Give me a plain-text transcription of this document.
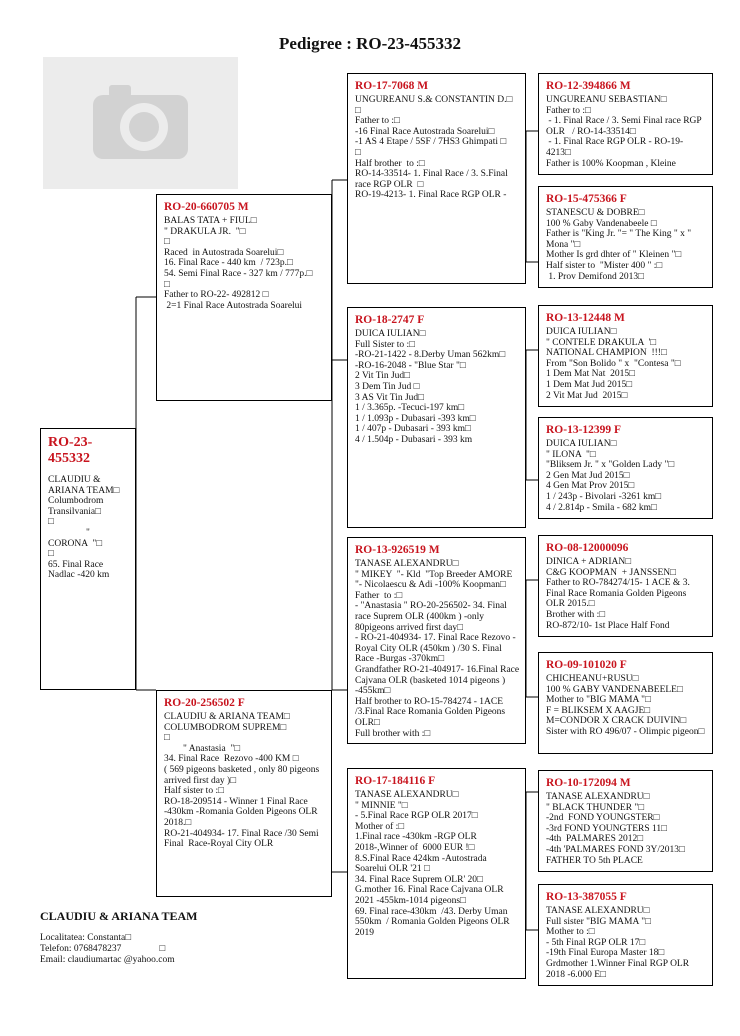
Pedigree : RO-23-455332
RO-23-455332
CLAUDIU & ARIANA TEAM□
Columbodrom Transilvania□
□
" CORONA  "□
□
65. Final Race Nadlac -420 km
RO-20-660705 M
BALAS TATA + FIUL□
" DRAKULA JR.  "□
□
Raced  in Autostrada Soarelui□
16. Final Race - 440 km  / 723p.□
54. Semi Final Race - 327 km / 777p.□
□
Father to RO-22- 492812 □
2=1 Final Race Autostrada Soarelui
RO-20-256502 F
CLAUDIU & ARIANA TEAM□
COLUMBODROM SUPREM□
□
" Anastasia  "□
34. Final Race  Rezovo -400 KM □
( 569 pigeons basketed , only 80 pigeons arrived first day )□
Half sister to :□
RO-18-209514 - Winner 1 Final Race -430km -Romania Golden Pigeons OLR 2018.□
RO-21-404934- 17. Final Race /30 Semi Final  Race-Royal City OLR
RO-17-7068 M
UNGUREANU S.& CONSTANTIN D.□
□
Father to :□
-16 Final Race Autostrada Soarelui□
-1 AS 4 Etape / 5SF / 7HS3 Ghimpati □
□
Half brother  to :□
RO-14-33514- 1. Final Race / 3. S.Final race RGP OLR  □
RO-19-4213- 1. Final Race RGP OLR -
RO-18-2747 F
DUICA IULIAN□
Full Sister to :□
-RO-21-1422 - 8.Derby Uman 562km□
-RO-16-2048 - "Blue Star "□
2 Vit Tin Jud□
3 Dem Tin Jud □
3 AS Vit Tin Jud□
1 / 3.365p. -Tecuci-197 km□
1 / 1.093p - Dubasari -393 km□
1 / 407p - Dubasari - 393 km□
4 / 1.504p - Dubasari - 393 km
RO-13-926519 M
TANASE ALEXANDRU□
" MIKEY  "- Kld  "Top Breeder AMORE "- Nicolaescu & Adi -100% Koopman□
Father  to :□
- "Anastasia " RO-20-256502- 34. Final race Suprem OLR (400km ) -only 80pigeons arrived first day□
- RO-21-404934- 17. Final Race Rezovo - Royal City OLR (450km ) /30 S. Final Race -Burgas -370km□
Grandfather RO-21-404917- 16.Final Race  Cajvana OLR (basketed 1014 pigeons ) -455km□
Half brother to RO-15-784274 - 1ACE /3.Final Race Romania Golden Pigeons OLR□
Full brother with :□
RO-17-184116 F
TANASE ALEXANDRU□
" MINNIE "□
- 5.Final Race RGP OLR 2017□
Mother of :□
1.Final race -430km -RGP OLR 2018-,Winner of  6000 EUR !□
8.S.Final Race 424km -Autostrada Soarelui OLR '21 □
34. Final Race Suprem OLR' 20□
G.mother 16. Final Race Cajvana OLR 2021 -455km-1014 pigeons□
69. Final race-430km  /43. Derby Uman 550km  / Romania Golden Pigeons OLR 2019
RO-12-394866 M
UNGUREANU SEBASTIAN□
Father to :□
- 1. Final Race / 3. Semi Final race RGP OLR   / RO-14-33514□
- 1. Final Race RGP OLR - RO-19-4213□
Father is 100% Koopman , Kleine
RO-15-475366 F
STANESCU & DOBRE□
100 % Gaby Vandenabeele □
Father is "King Jr. "= " The King " x " Mona "□
Mother Is grd dhter of " Kleinen "□
Half sister to  "Mister 400 " :□
1. Prov Demifond 2013□
RO-13-12448 M
DUICA IULIAN□
" CONTELE DRAKULA  '□
NATIONAL CHAMPION  !!!□
From "Son Bolido " x  "Contesa "□
1 Dem Mat Nat  2015□
1 Dem Mat Jud 2015□
2 Vit Mat Jud  2015□
RO-13-12399 F
DUICA IULIAN□
" ILONA  "□
"Bliksem Jr. " x "Golden Lady "□
2 Gen Mat Jud 2015□
4 Gen Mat Prov 2015□
1 / 243p - Bivolari -3261 km□
4 / 2.814p - Smila - 682 km□
RO-08-12000096
DINICA + ADRIAN□
C&G KOOPMAN  + JANSSEN□
Father to RO-784274/15- 1 ACE & 3. Final Race Romania Golden Pigeons OLR 2015.□
Brother with :□
RO-872/10- 1st Place Half Fond
RO-09-101020 F
CHICHEANU+RUSU□
100 % GABY VANDENABEELE□
Mother to "BIG MAMA "□
F = BLIKSEM X AAGJE□
M=CONDOR X CRACK DUIVIN□
Sister with RO 496/07 - Olimpic pigeon□
RO-10-172094 M
TANASE ALEXANDRU□
" BLACK THUNDER "□
-2nd  FOND YOUNGSTER□
-3rd FOND YOUNGTERS 11□
-4th  PALMARES 2012□
-4th 'PALMARES FOND 3Y/2013□
FATHER TO 5th PLACE
RO-13-387055 F
TANASE ALEXANDRU□
Full sister "BIG MAMA "□
Mother to :□
- 5th Final RGP OLR 17□
-19th Final Europa Master 18□
Grdmother 1.Winner Final RGP OLR 2018 -6.000 E□
CLAUDIU & ARIANA TEAM
Localitatea: Constanta□
Telefon: 0768478237                □
Email: claudiumartac @yahoo.com
